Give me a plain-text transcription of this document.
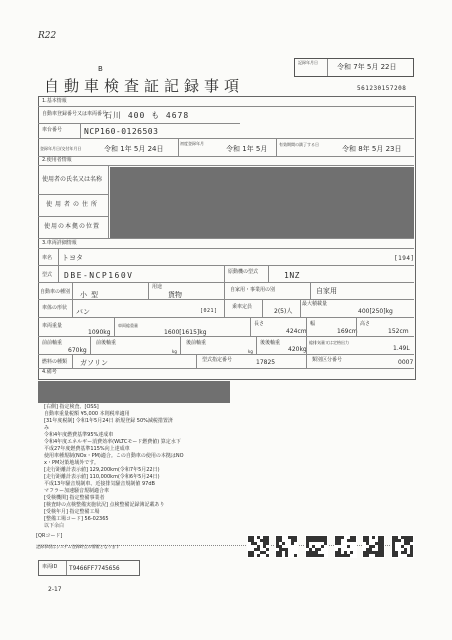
R22
記録年月日
令和 7年 5月 22日
B
自動車検査証記録事項	561230157208
1.基本情報
自動車登録番号又は車両番号
石川 400 も 4678
車台番号	NCP160-0126503
登録年月日/交付年月日	令和 1年 5月 24日
初度登録年月
令和 1年 5月
有効期間の満了する日
令和 8年 5月 23日
2.使用者情報
使用者の氏名又は名称
使用者の住所
使用の本拠の位置
3.車両詳細情報
車名 トヨタ	[194]
型式 DBE-NCP160V	原動機の型式	1NZ
自動車の種別 小型
用途
貨物
自家用・事業用の別	自家用
車体の形状 バン	[021]
乗車定員
2(5)人
最大積載量
400[250]kg
車両重量
1090kg
車両総重量
1600[1615]kg
長さ
424cm
幅
169cm
高さ
152cm
前前軸重
670kg
前後軸重
kg
後前軸重
kg
後後軸重
420kg
総排気量又は定格出力
1.49L
燃料の種類 ガソリン	型式指定番号	17825	類別区分番号	0007
4.備考
[右側] 指定検査、[OSS]
自動車重量税額 ¥5,000 本則税率適用
[31年度税制] 令和1年5月24日 新規登録 50%減税措置済
み
令和4年度燃費基準95%達成車
令和4年度エネルギー消費効率(WLTCモード燃費値) 算定水下
平成27年度燃費基準115%向上達成車
使用車種規制(NOx・PM)適合。この自動車の使用の本拠はNO
x・PM対策地域外です。
[走行距離計表示値] 129,200km(令和7年5月22日)
[走行距離計表示値] 110,000km(令和6年5月24日)
平成13年騒音規制車、近接排気騒音規制値 97dB
マフラー加速騒音規制適合車
[受検機関] 指定整備事業者
[検査時の点検整備実施状況] 点検整備記録簿記載あり
[受検年月] 指定整備工場
[整備工場コード] 56-02365
以下余白
[QRコード]
記録事項はシステム登録時点の情報となります
車両ID T9466FF7745656
2-17
